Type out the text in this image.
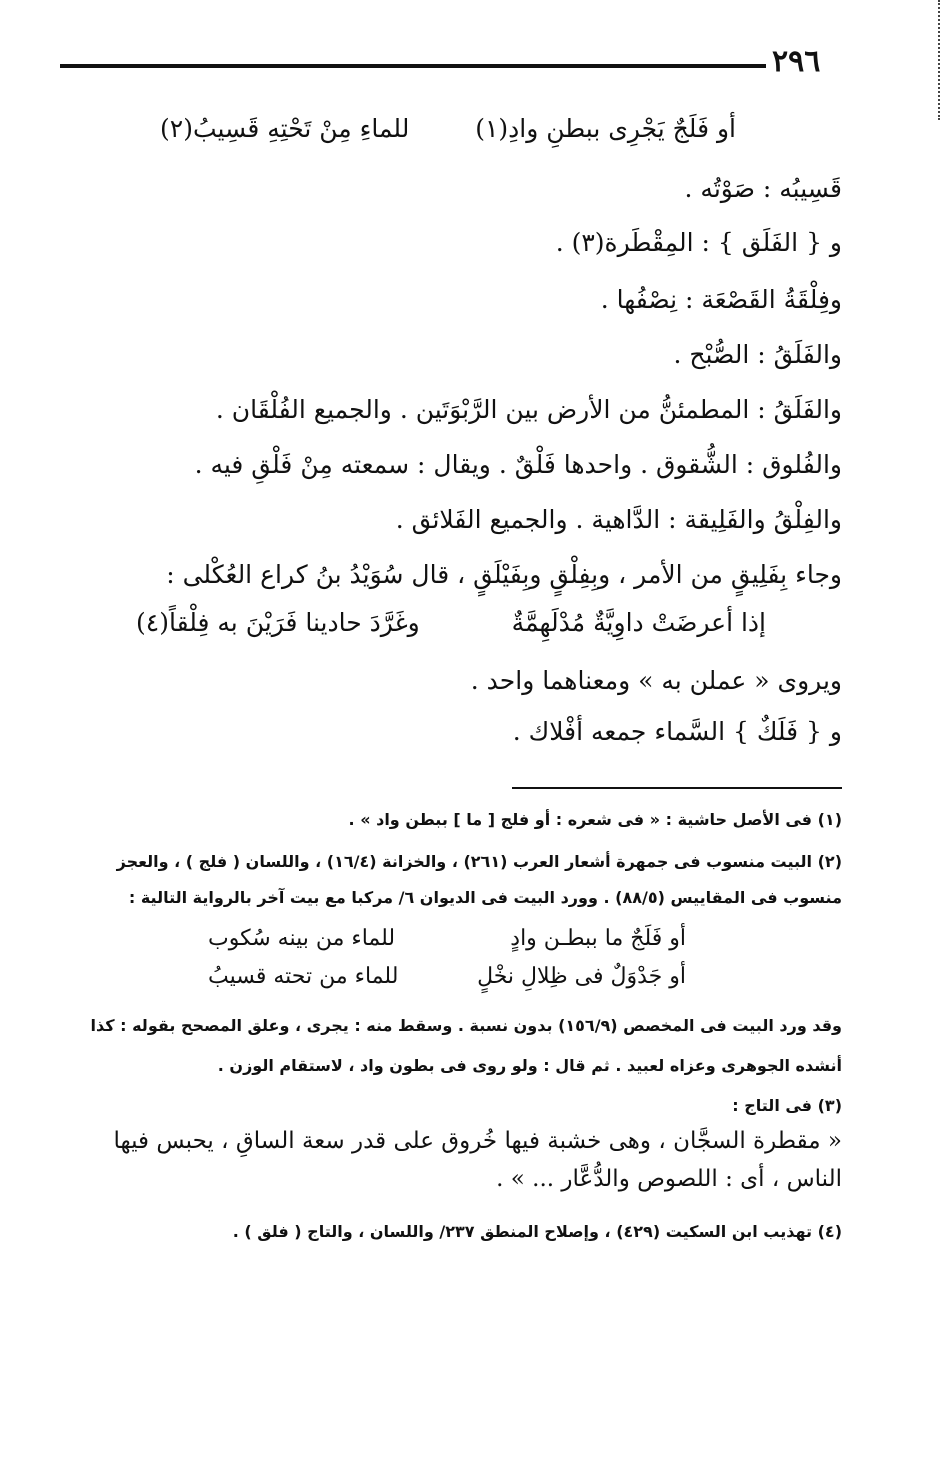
٢٩٦
أو فَلَجٌ يَجْرِى ببطنِ وادِ(١)
للماءِ مِنْ تَحْتِهِ قَسِيبُ(٢)
قَسِيبُه : صَوْتُه .
و { الفَلَق } : المِقْطَرة(٣) .
وفِلْقَةُ القَصْعَة : نِصْفُها .
والفَلَقُ : الصُّبْح .
والفَلَقُ : المطمئنُّ من الأرض بين الرَّبْوَتَين . والجميع الفُلْقَان .
والفُلوق : الشُّقوق . واحدها فَلْقٌ . ويقال : سمعته مِنْ فَلْقِ فيه .
والفِلْقُ والفَلِيقة : الدَّاهية . والجميع الفَلائق .
وجاء بِفَلِيقٍ من الأمر ، وبِفِلْقٍ وبِفَيْلَقٍ ، قال سُوَيْدُ بنُ كراع العُكْلى :
إذا أعرضَتْ داوِيَّةٌ مُدْلَهِمَّةٌ
وغَرَّدَ حادينا فَرَيْنَ به فِلْقاً(٤)
ويروى « عملن به » ومعناهما واحد .
و { فَلَكٌ } السَّماء جمعه أفْلاك .
(١) فى الأصل حاشية : « فى شعره : أو فلج [ ما ] ببطن واد » .
(٢) البيت منسوب فى جمهرة أشعار العرب (٢٦١) ، والخزانة (١٦/٤) ، واللسان ( فلج ) ، والعجز
منسوب فى المقاييس (٨٨/٥) . وورد البيت فى الديوان ٦/ مركبا مع بيت آخر بالرواية التالية :
أو فَلَجٌ ما ببطـن وادٍ
للماء من بينه سُكوب
أو جَدْوَلٌ فى ظِلالِ نخْلٍ
للماء من تحته قسيبُ
وقد ورد البيت فى المخصص (١٥٦/٩) بدون نسبة . وسقط منه : يجرى ، وعلق المصحح بقوله : كذا
أنشده الجوهرى وعزاه لعبيد . ثم قال : ولو روى فى بطون واد ، لاستقام الوزن .
(٣) فى التاج :
« مقطرة السجَّان ، وهى خشبة فيها خُروق على قدر سعة الساقِ ، يحبس فيها
الناس ، أى : اللصوص والدُّعَّار ... » .
(٤) تهذيب ابن السكيت (٤٢٩) ، وإصلاح المنطق ٢٣٧/ واللسان ، والتاج ( فلق ) .
